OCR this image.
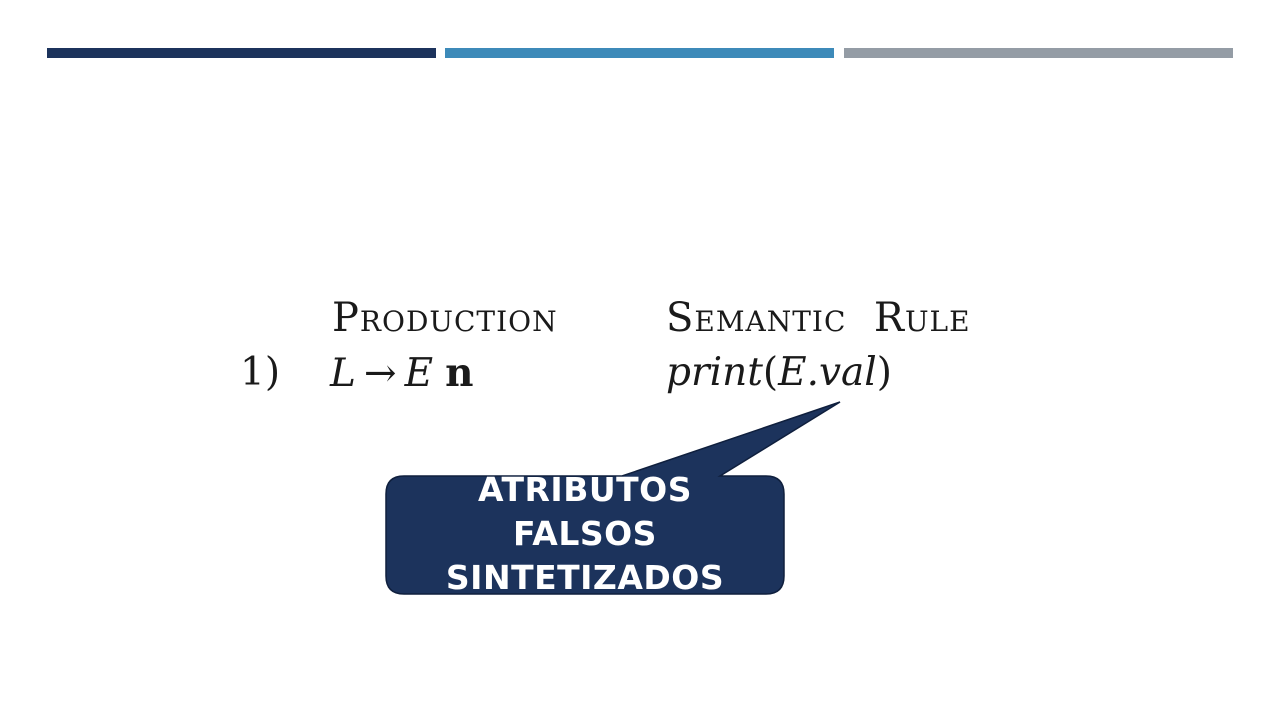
Production	Semantic  Rule
1) L → E n	print(E.val)
ATRIBUTOS
FALSOS
SINTETIZADOS
